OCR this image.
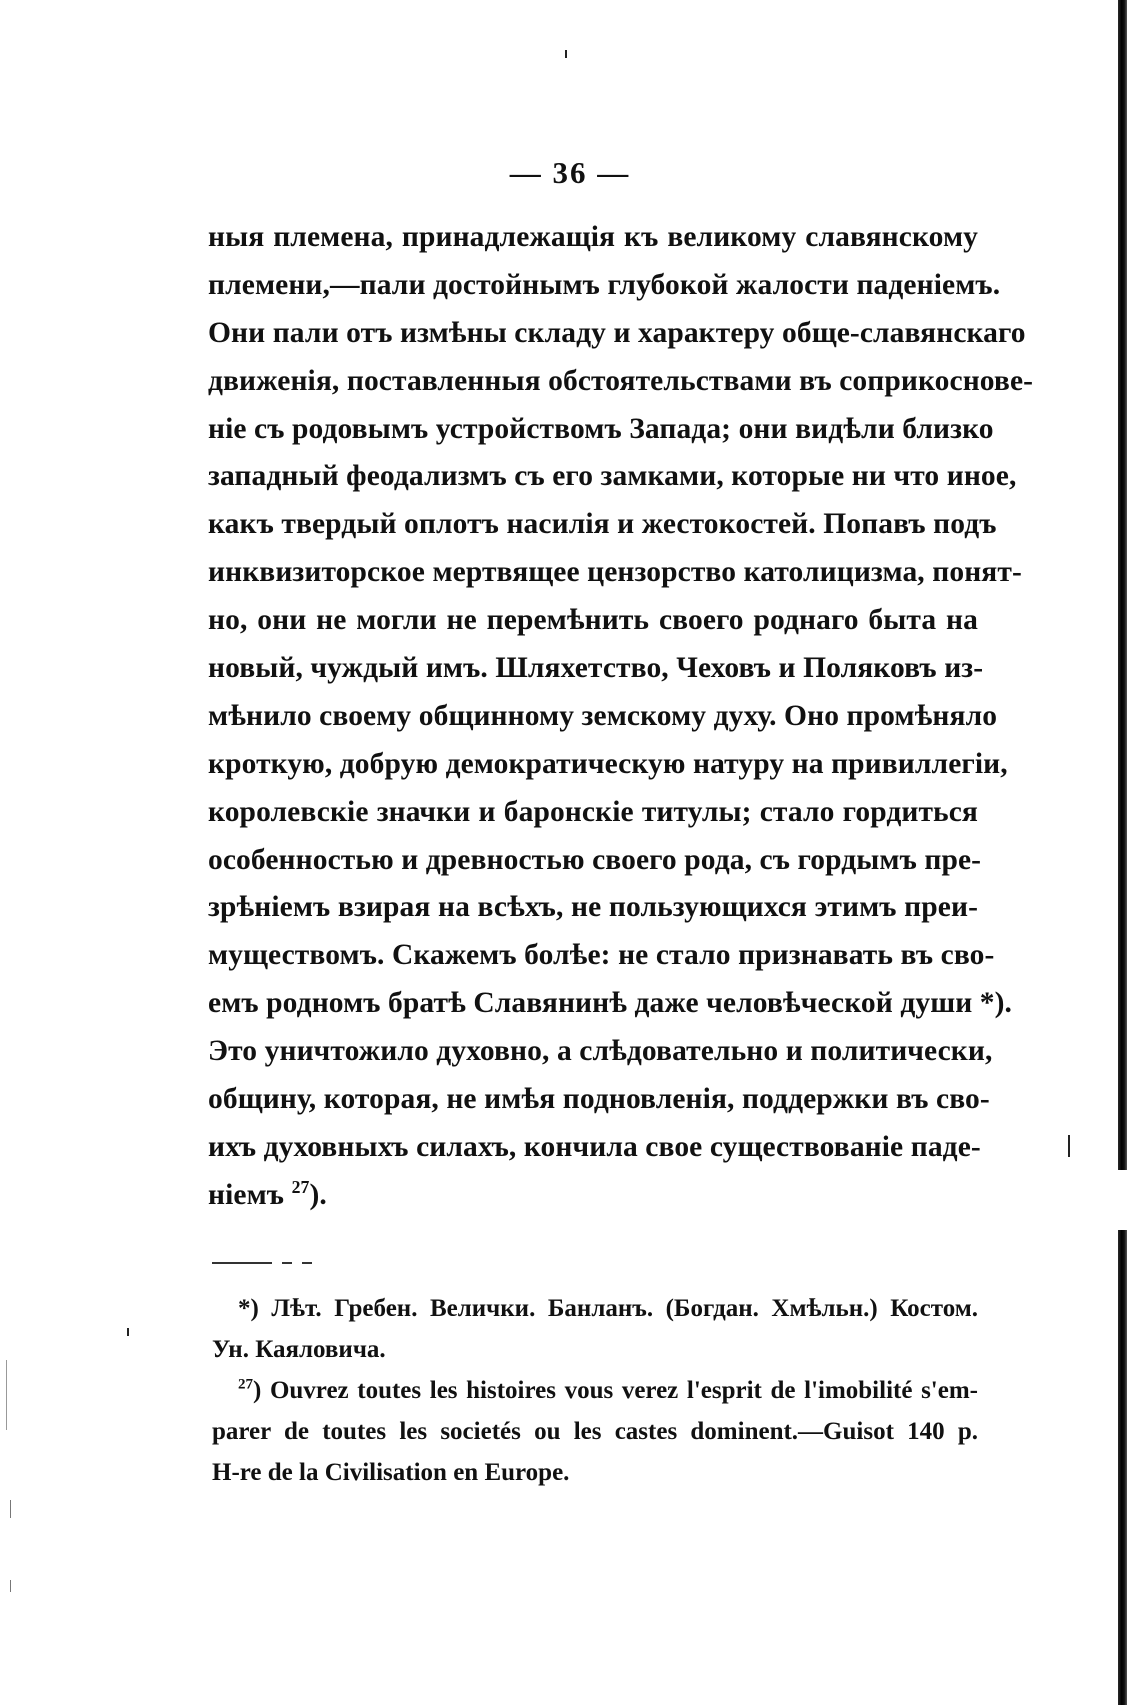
— 36 —
ныя племена, принадлежащія къ великому славянскому
племени,—пали достойнымъ глубокой жалости паденіемъ.
Они пали отъ измѣны складу и характеру обще-славянскаго
движенія, поставленныя обстоятельствами въ соприкоснове-
ніе съ родовымъ устройствомъ Запада; они видѣли близко
западный феодализмъ съ его замками, которые ни что иное,
какъ твердый оплотъ насилія и жестокостей. Попавъ подъ
инквизиторское мертвящее цензорство католицизма, понят-
но, они не могли не перемѣнить своего роднаго быта на
новый, чуждый имъ. Шляхетство, Чеховъ и Поляковъ из-
мѣнило своему общинному земскому духу. Оно промѣняло
кроткую, добрую демократическую натуру на привиллегіи,
королевскіе значки и баронскіе титулы; стало гордиться
особенностью и древностью своего рода, съ гордымъ пре-
зрѣніемъ взирая на всѣхъ, не пользующихся этимъ преи-
муществомъ. Скажемъ болѣе: не стало признавать въ сво-
емъ родномъ братѣ Славянинѣ даже человѣческой души *).
Это уничтожило духовно, а слѣдовательно и политически,
общину, которая, не имѣя подновленія, поддержки въ сво-
ихъ духовныхъ силахъ, кончила свое существованіе паде-
ніемъ $^{27}$).
*) Лѣт. Гребен. Велички. Банланъ. (Богдан. Хмѣльн.) Костом.
Ун. Каяловича.
$^{27}$) Ouvrez toutes les histoires vous verez l'esprit de l'imobilité s'em-
parer de toutes les societés ou les castes dominent.—Guisot 140 p.
H-re de la Civilisation en Europe.
